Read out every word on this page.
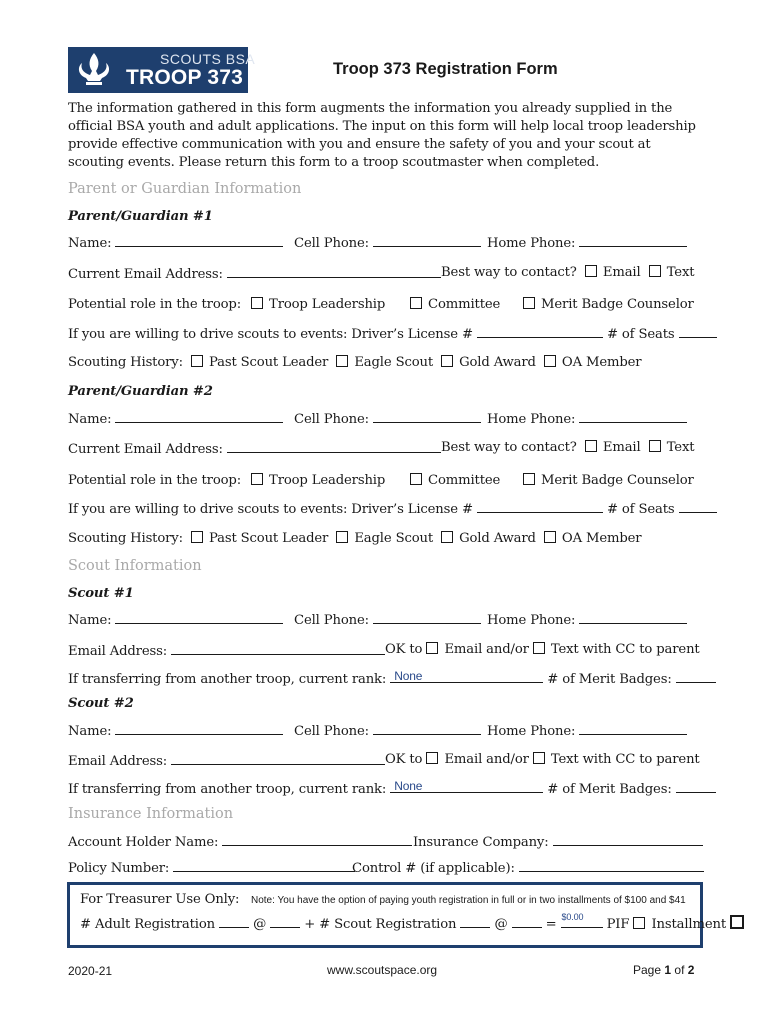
SCOUTS BSA
TROOP 373	Troop 373 Registration Form
The information gathered in this form augments the information you already supplied in the official BSA youth and adult applications. The input on this form will help local troop leadership provide effective communication with you and ensure the safety of you and your scout at scouting events. Please return this form to a troop scoutmaster when completed.
Parent or Guardian Information
Parent/Guardian #1
Name:	Cell Phone:	Home Phone:
Current Email Address:	Best way to contact? Email Text
Potential role in the troop:	Troop Leadership	Committee	Merit Badge Counselor
If you are willing to drive scouts to events: Driver’s License #	# of Seats
Scouting History: Past Scout Leader Eagle Scout Gold Award OA Member
Parent/Guardian #2
Name:	Cell Phone:	Home Phone:
Current Email Address:	Best way to contact? Email Text
Potential role in the troop:	Troop Leadership	Committee	Merit Badge Counselor
If you are willing to drive scouts to events: Driver’s License #	# of Seats
Scouting History: Past Scout Leader Eagle Scout Gold Award OA Member
Scout Information
Scout #1
Name:	Cell Phone:	Home Phone:
Email Address:	OK to Email and/or Text with CC to parent
If transferring from another troop, current rank: None	# of Merit Badges:
Scout #2
Name:	Cell Phone:	Home Phone:
Email Address:	OK to Email and/or Text with CC to parent
If transferring from another troop, current rank: None	# of Merit Badges:
Insurance Information
Account Holder Name:	Insurance Company:
Policy Number:	Control # (if applicable):
For Treasurer Use Only: Note: You have the option of paying youth registration in full or in two installments of $100 and $41
# Adult Registration	@	+ # Scout Registration	@	= $0.00 PIF Installment
2020-21	www.scoutspace.org	Page 1 of 2
